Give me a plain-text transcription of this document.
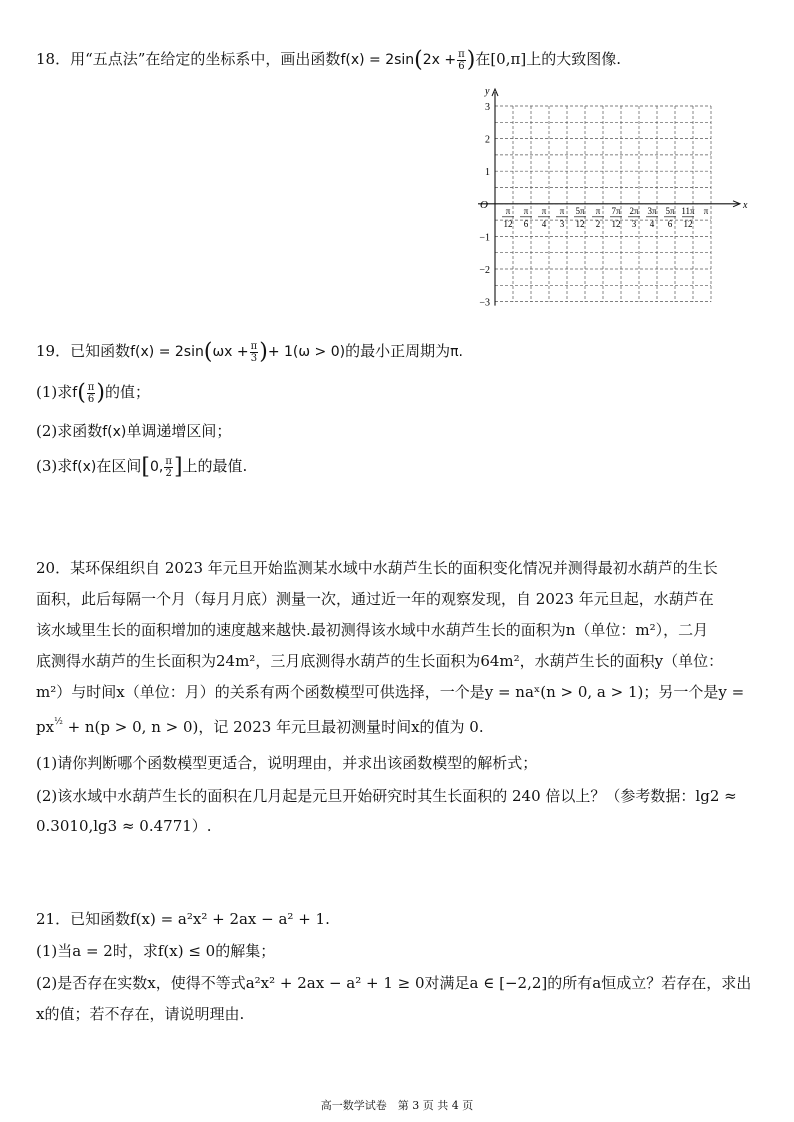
18．用“五点法”在给定的坐标系中，画出函数$f(x) = 2\sin(2x + \frac{\pi}{6}$ )在[0,π]上的大致图像.
y
x
O
3
2
1
−1
−2
−3
π
12
π
6
π
4
π
3
5π
12
π
2
7π
12
2π
3
3π
4
5π
6
11π
12
π
19．已知函数$f(x) = 2\sin(\omega x + \frac{\pi}{3}$ )+ 1(ω > 0)的最小正周期为π.
(1)求$f( \frac{\pi}{6}$ )的值；
(2)求函数f(x)单调递增区间；
(3)求f(x)在区间[0, $\frac{\pi}{2}$ ]上的最值.
20．某环保组织自 2023 年元旦开始监测某水域中水葫芦生长的面积变化情况并测得最初水葫芦的生长
面积，此后每隔一个月（每月月底）测量一次，通过近一年的观察发现，自 2023 年元旦起，水葫芦在
该水域里生长的面积增加的速度越来越快.最初测得该水域中水葫芦生长的面积为n（单位：m²），二月
底测得水葫芦的生长面积为24m²，三月底测得水葫芦的生长面积为64m²，水葫芦生长的面积y（单位：
m²）与时间x（单位：月）的关系有两个函数模型可供选择，一个是y = naˣ(n > 0, a > 1)；另一个是y =
$px^{\frac{1}{2}} + n(p > 0$, n > 0)，记 2023 年元旦最初测量时间x的值为 0.
(1)请你判断哪个函数模型更适合，说明理由，并求出该函数模型的解析式；
(2)该水域中水葫芦生长的面积在几月起是元旦开始研究时其生长面积的 240 倍以上？（参考数据：lg2 ≈
0.3010,lg3 ≈ 0.4771）.
21．已知函数f(x) = a²x² + 2ax − a² + 1.
(1)当a = 2时，求f(x) ≤ 0的解集；
(2)是否存在实数x，使得不等式a²x² + 2ax − a² + 1 ≥ 0对满足a ∈ [−2,2]的所有a恒成立？若存在，求出
x的值；若不存在，请说明理由.
高一数学试卷　第 3 页 共 4 页
